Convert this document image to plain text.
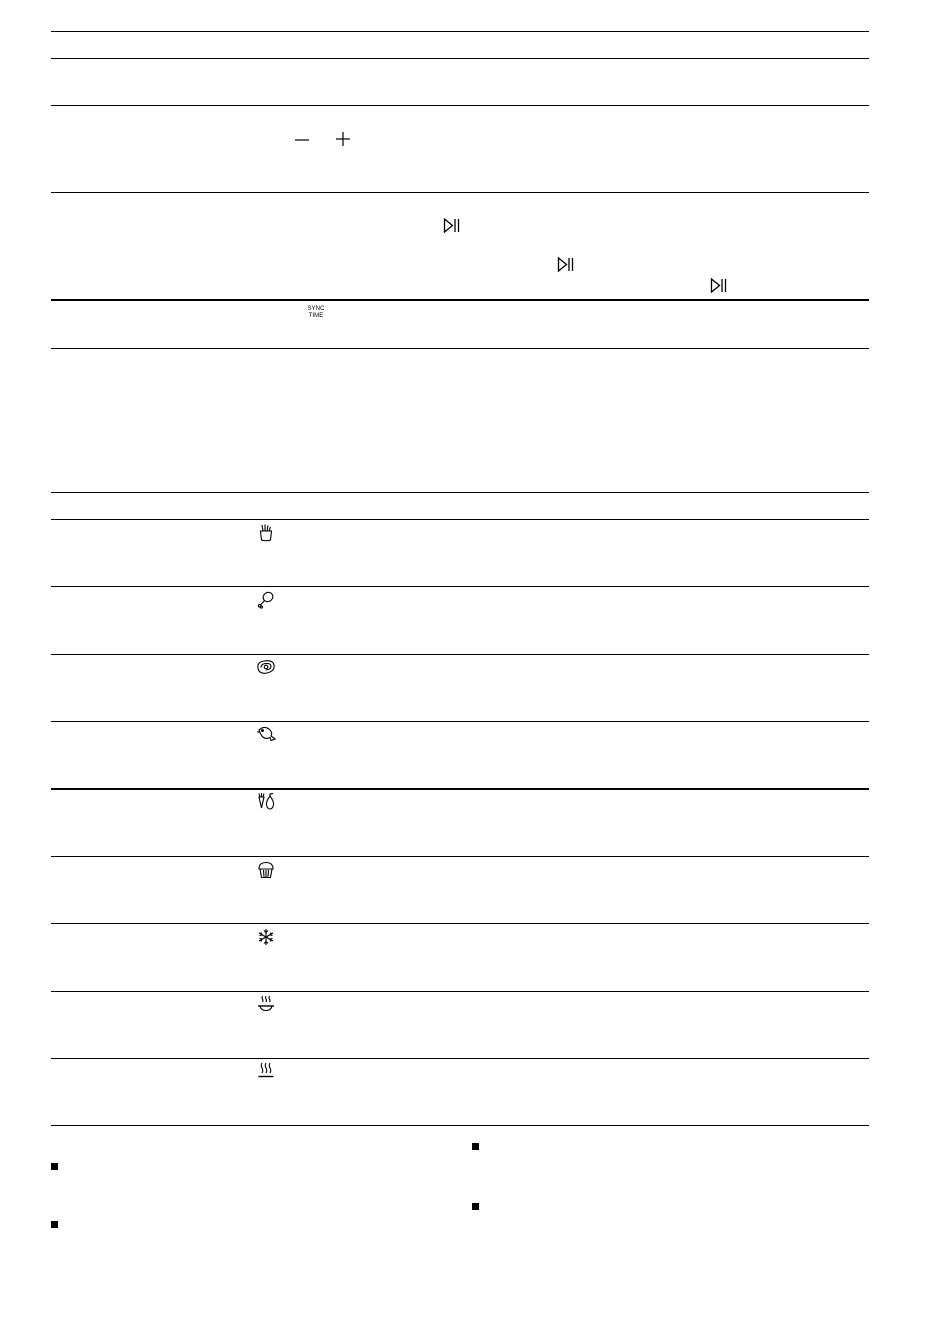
SYNC
TIME
